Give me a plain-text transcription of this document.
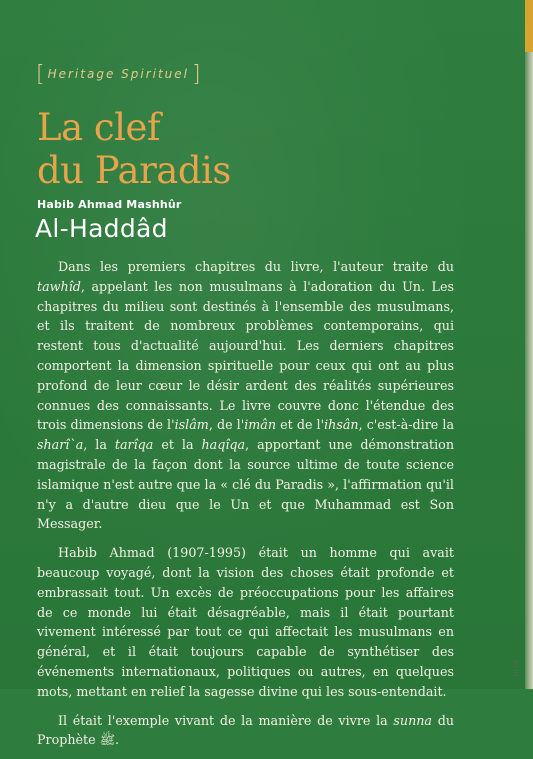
BUR
[ Heritage Spirituel ]
La clef
du Paradis
Habib Ahmad Mashhûr
Al-Haddâd

Dans les premiers chapitres du livre, l'auteur traite du tawhîd, appelant les non musulmans à l'adoration du Un. Les chapitres du milieu sont destinés à l'ensemble des musulmans, et ils traitent de nombreux problèmes contemporains, qui restent tous d'actualité aujourd'hui. Les derniers chapitres comportent la dimension spirituelle pour ceux qui ont au plus profond de leur cœur le désir ardent des réalités supérieures connues des connaissants. Le livre couvre donc l'étendue des trois dimensions de l'islâm, de l'imân et de l'ihsân, c'est-à-dire la sharî`a, la tarîqa et la haqîqa, apportant une démonstration magistrale de la façon dont la source ultime de toute science islamique n'est autre que la « clé du Paradis », l'affirmation qu'il n'y a d'autre dieu que le Un et que Muhammad est Son Messager.

Habib Ahmad (1907-1995) était un homme qui avait beaucoup voyagé, dont la vision des choses était profonde et embrassait tout. Un excès de préoccupations pour les affaires de ce monde lui était désagréable, mais il était pourtant vivement intéressé par tout ce qui affectait les musulmans en général, et il était toujours capable de synthétiser des événements internationaux, politiques ou autres, en quelques mots, mettant en relief la sagesse divine qui les sous-entendait.

Il était l'exemple vivant de la manière de vivre la sunna du Prophète ﷺ.
